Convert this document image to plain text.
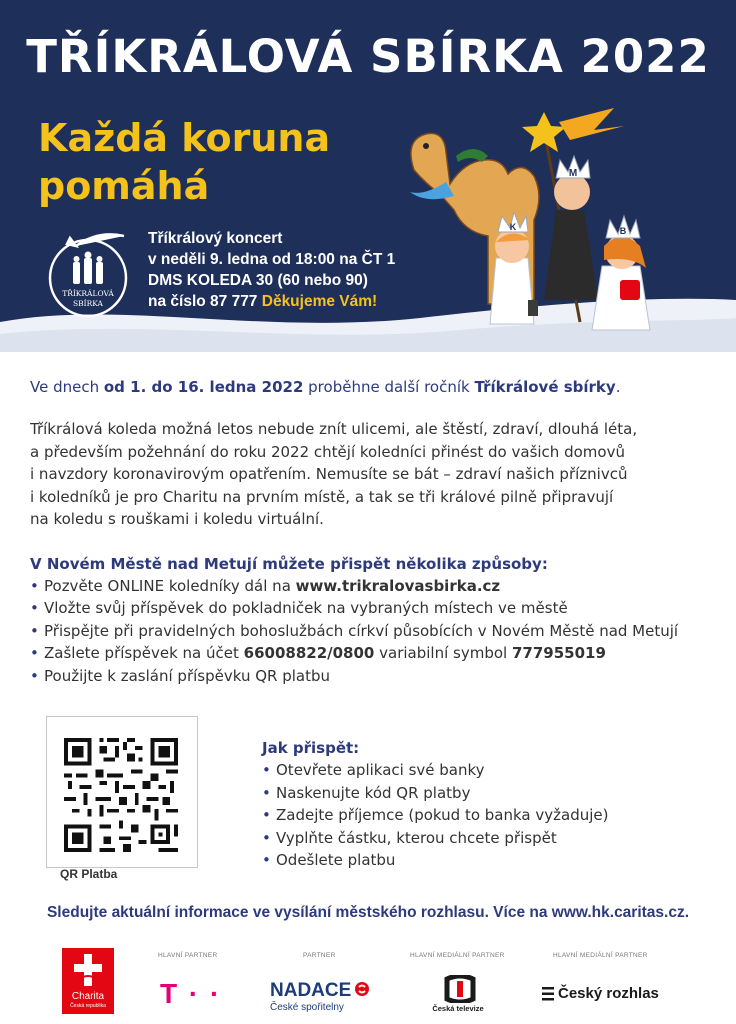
TŘÍKRÁLOVÁ SBÍRKA 2022
Každá koruna
pomáhá
TŘÍKRÁLOVÁ
SBÍRKA
Tříkrálový koncert
v neděli 9. ledna od 18:00 na ČT 1
DMS KOLEDA 30 (60 nebo 90)
na číslo 87 777 Děkujeme Vám!
M
K	B
Ve dnech od 1. do 16. ledna 2022 proběhne další ročník Tříkrálové sbírky.
Tříkrálová koleda možná letos nebude znít ulicemi, ale štěstí, zdraví, dlouhá léta,
a především požehnání do roku 2022 chtějí koledníci přinést do vašich domovů
i navzdory koronavirovým opatřením. Nemusíte se bát – zdraví našich příznivců
i koledníků je pro Charitu na prvním místě, a tak se tři králové pilně připravují
na koledu s rouškami i koledu virtuální.
V Novém Městě nad Metují můžete přispět několika způsoby:
• Pozvěte ONLINE koledníky dál na www.trikralovasbirka.cz
• Vložte svůj příspěvek do pokladniček na vybraných místech ve městě
• Přispějte při pravidelných bohoslužbách církví působících v Novém Městě nad Metují
• Zašlete příspěvek na účet 66008822/0800 variabilní symbol 777955019
• Použijte k zaslání příspěvku QR platbu
QR Platba
Jak přispět:
• Otevřete aplikaci své banky
• Naskenujte kód QR platby
• Zadejte příjemce (pokud to banka vyžaduje)
• Vyplňte částku, kterou chcete přispět
• Odešlete platbu
Sledujte aktuální informace ve vysílání městského rozhlasu. Více na www.hk.caritas.cz.
Charita
Česká republika
HLAVNÍ PARTNER	PARTNER	HLAVNÍ MEDIÁLNÍ PARTNER	HLAVNÍ MEDIÁLNÍ PARTNER
T · ·	NADACE
České spořitelny	Česká televize
Český rozhlas
